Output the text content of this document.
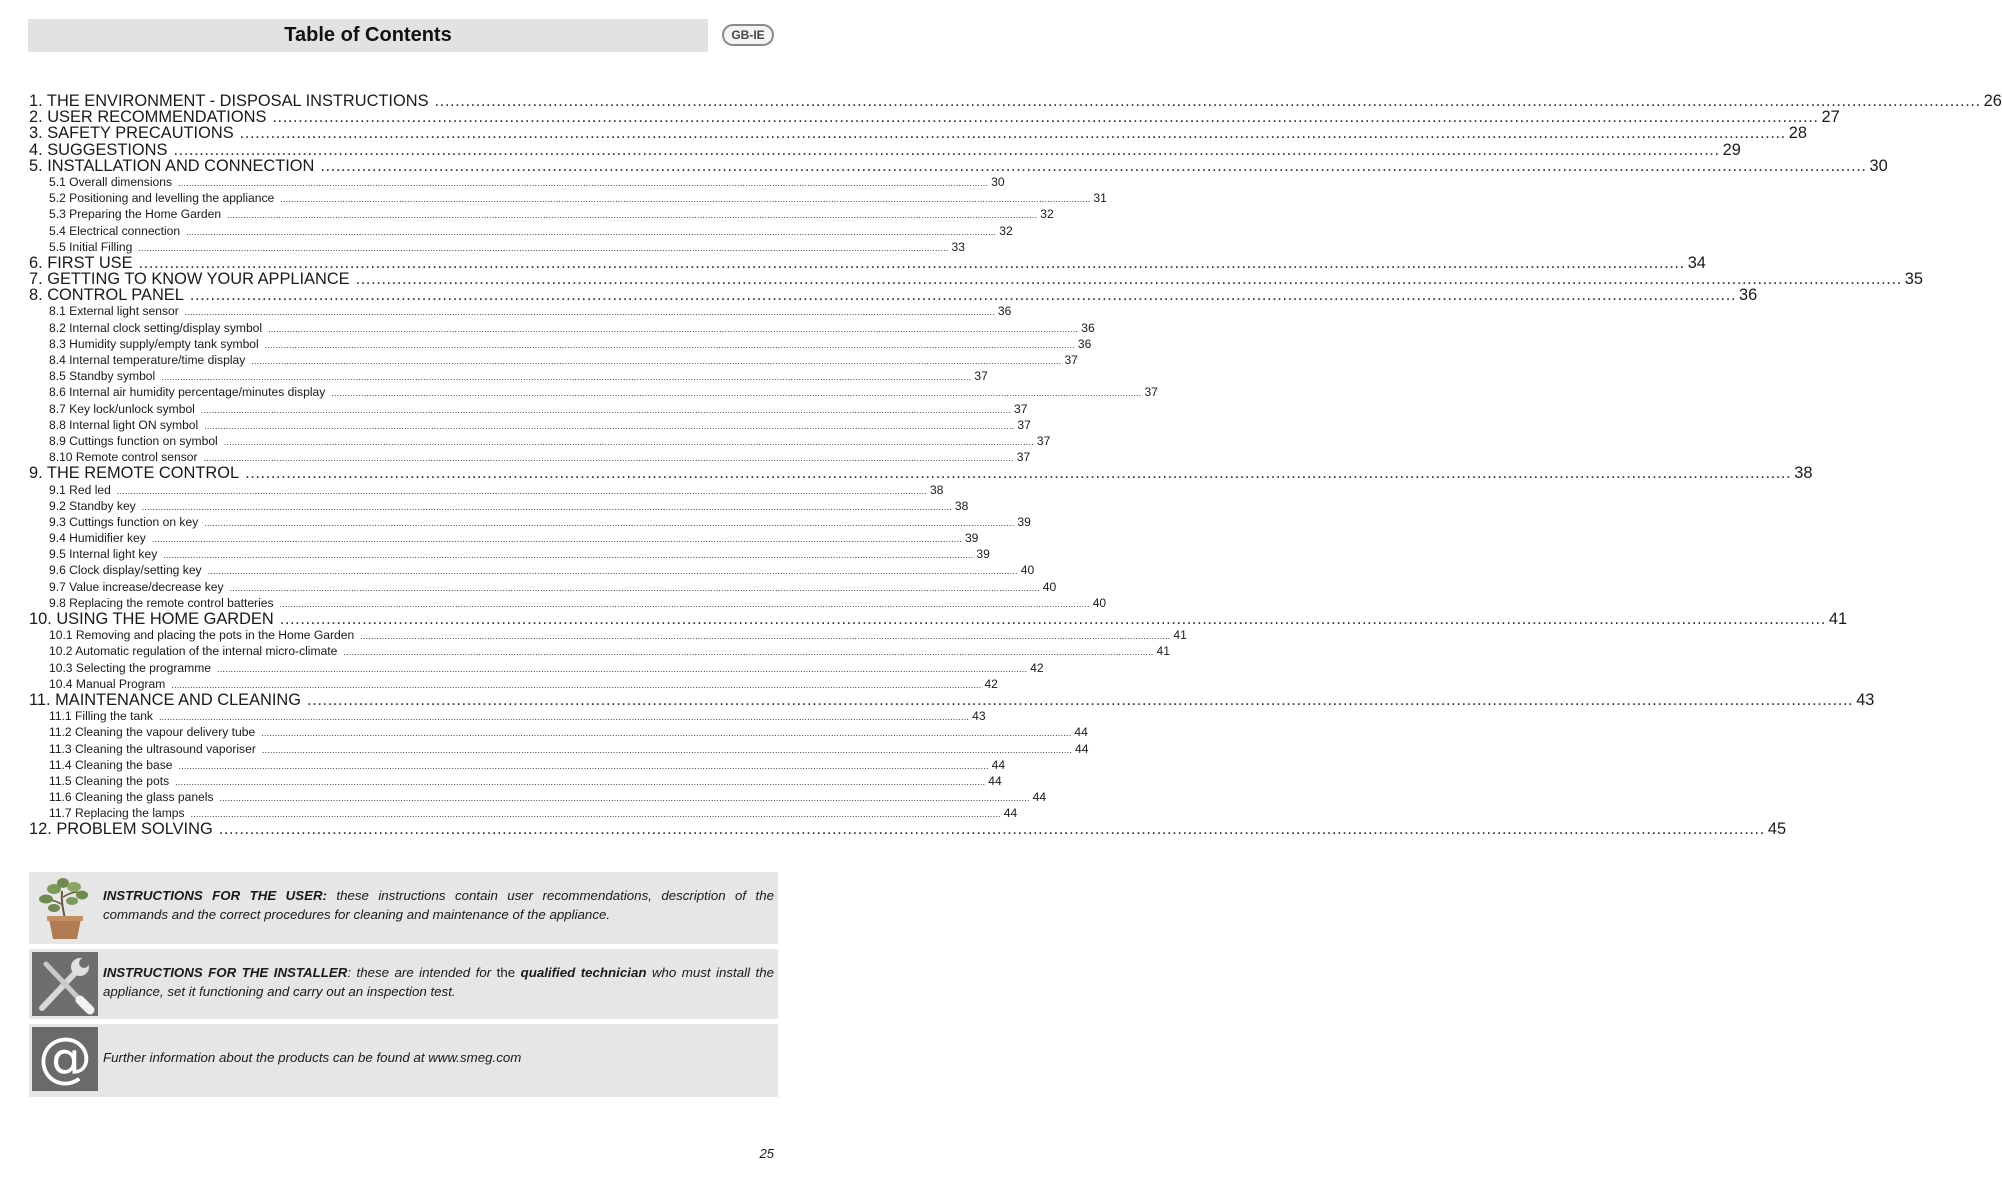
Table of Contents	GB-IE
1. THE ENVIRONMENT - DISPOSAL INSTRUCTIONS ............................................................................................................................................................................................................................................................................................................ 26
2. USER RECOMMENDATIONS ............................................................................................................................................................................................................................................................................................................ 27
3. SAFETY PRECAUTIONS ............................................................................................................................................................................................................................................................................................................ 28
4. SUGGESTIONS ............................................................................................................................................................................................................................................................................................................ 29
5. INSTALLATION AND CONNECTION ............................................................................................................................................................................................................................................................................................................ 30
5.1 Overall dimensions ............................................................................................................................................................................................................................................................................................................ 30
5.2 Positioning and levelling the appliance ............................................................................................................................................................................................................................................................................................................ 31
5.3 Preparing the Home Garden ............................................................................................................................................................................................................................................................................................................ 32
5.4 Electrical connection ............................................................................................................................................................................................................................................................................................................ 32
5.5 Initial Filling ............................................................................................................................................................................................................................................................................................................ 33
6. FIRST USE ............................................................................................................................................................................................................................................................................................................ 34
7. GETTING TO KNOW YOUR APPLIANCE ............................................................................................................................................................................................................................................................................................................ 35
8. CONTROL PANEL ............................................................................................................................................................................................................................................................................................................ 36
8.1 External light sensor ............................................................................................................................................................................................................................................................................................................ 36
8.2 Internal clock setting/display symbol ............................................................................................................................................................................................................................................................................................................ 36
8.3 Humidity supply/empty tank symbol ............................................................................................................................................................................................................................................................................................................ 36
8.4 Internal temperature/time display ............................................................................................................................................................................................................................................................................................................ 37
8.5 Standby symbol ............................................................................................................................................................................................................................................................................................................ 37
8.6 Internal air humidity percentage/minutes display ............................................................................................................................................................................................................................................................................................................ 37
8.7 Key lock/unlock symbol ............................................................................................................................................................................................................................................................................................................ 37
8.8 Internal light ON symbol ............................................................................................................................................................................................................................................................................................................ 37
8.9 Cuttings function on symbol ............................................................................................................................................................................................................................................................................................................ 37
8.10 Remote control sensor ............................................................................................................................................................................................................................................................................................................ 37
9. THE REMOTE CONTROL ............................................................................................................................................................................................................................................................................................................ 38
9.1 Red led ............................................................................................................................................................................................................................................................................................................ 38
9.2 Standby key ............................................................................................................................................................................................................................................................................................................ 38
9.3 Cuttings function on key ............................................................................................................................................................................................................................................................................................................ 39
9.4 Humidifier key ............................................................................................................................................................................................................................................................................................................ 39
9.5 Internal light key ............................................................................................................................................................................................................................................................................................................ 39
9.6 Clock display/setting key ............................................................................................................................................................................................................................................................................................................ 40
9.7 Value increase/decrease key ............................................................................................................................................................................................................................................................................................................ 40
9.8 Replacing the remote control batteries ............................................................................................................................................................................................................................................................................................................ 40
10. USING THE HOME GARDEN ............................................................................................................................................................................................................................................................................................................ 41
10.1 Removing and placing the pots in the Home Garden ............................................................................................................................................................................................................................................................................................................ 41
10.2 Automatic regulation of the internal micro-climate ............................................................................................................................................................................................................................................................................................................ 41
10.3 Selecting the programme ............................................................................................................................................................................................................................................................................................................ 42
10.4 Manual Program ............................................................................................................................................................................................................................................................................................................ 42
11. MAINTENANCE AND CLEANING ............................................................................................................................................................................................................................................................................................................ 43
11.1 Filling the tank ............................................................................................................................................................................................................................................................................................................ 43
11.2 Cleaning the vapour delivery tube ............................................................................................................................................................................................................................................................................................................ 44
11.3 Cleaning the ultrasound vaporiser ............................................................................................................................................................................................................................................................................................................ 44
11.4 Cleaning the base ............................................................................................................................................................................................................................................................................................................ 44
11.5 Cleaning the pots ............................................................................................................................................................................................................................................................................................................ 44
11.6 Cleaning the glass panels ............................................................................................................................................................................................................................................................................................................ 44
11.7 Replacing the lamps ............................................................................................................................................................................................................................................................................................................ 44
12. PROBLEM SOLVING ............................................................................................................................................................................................................................................................................................................ 45
INSTRUCTIONS FOR THE USER: these instructions contain user recommendations, description of the commands and the correct procedures for cleaning and maintenance of the appliance.
INSTRUCTIONS FOR THE INSTALLER: these are intended for the qualified technician who must install the appliance, set it functioning and carry out an inspection test.
@ Further information about the products can be found at www.smeg.com
25
